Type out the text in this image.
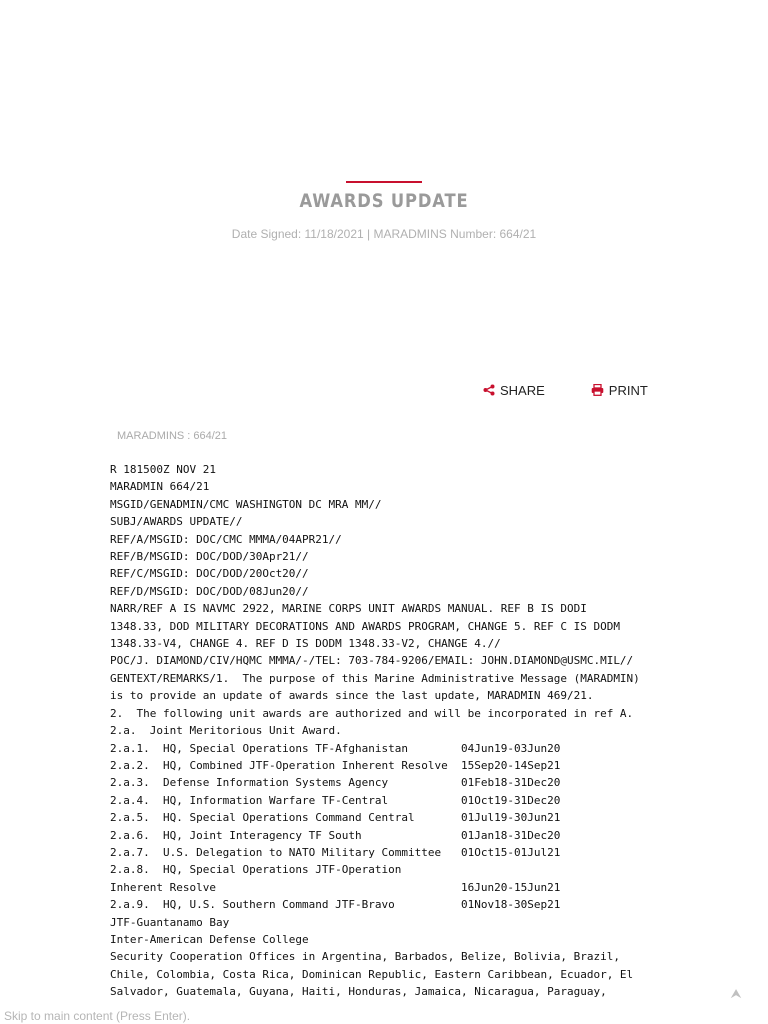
AWARDS UPDATE
Date Signed: 11/18/2021 | MARADMINS Number: 664/21
SHARE	PRINT
MARADMINS : 664/21
R 181500Z NOV 21
MARADMIN 664/21
MSGID/GENADMIN/CMC WASHINGTON DC MRA MM//
SUBJ/AWARDS UPDATE//
REF/A/MSGID: DOC/CMC MMMA/04APR21//
REF/B/MSGID: DOC/DOD/30Apr21//
REF/C/MSGID: DOC/DOD/20Oct20//
REF/D/MSGID: DOC/DOD/08Jun20//
NARR/REF A IS NAVMC 2922, MARINE CORPS UNIT AWARDS MANUAL. REF B IS DODI
1348.33, DOD MILITARY DECORATIONS AND AWARDS PROGRAM, CHANGE 5. REF C IS DODM
1348.33-V4, CHANGE 4. REF D IS DODM 1348.33-V2, CHANGE 4.//
POC/J. DIAMOND/CIV/HQMC MMMA/-/TEL: 703-784-9206/EMAIL: JOHN.DIAMOND@USMC.MIL//
GENTEXT/REMARKS/1.  The purpose of this Marine Administrative Message (MARADMIN)
is to provide an update of awards since the last update, MARADMIN 469/21.
2.  The following unit awards are authorized and will be incorporated in ref A.
2.a.  Joint Meritorious Unit Award.
2.a.1.  HQ, Special Operations TF-Afghanistan        04Jun19-03Jun20
2.a.2.  HQ, Combined JTF-Operation Inherent Resolve  15Sep20-14Sep21
2.a.3.  Defense Information Systems Agency           01Feb18-31Dec20
2.a.4.  HQ, Information Warfare TF-Central           01Oct19-31Dec20
2.a.5.  HQ. Special Operations Command Central       01Jul19-30Jun21
2.a.6.  HQ, Joint Interagency TF South               01Jan18-31Dec20
2.a.7.  U.S. Delegation to NATO Military Committee   01Oct15-01Jul21
2.a.8.  HQ, Special Operations JTF-Operation
Inherent Resolve                                     16Jun20-15Jun21
2.a.9.  HQ, U.S. Southern Command JTF-Bravo          01Nov18-30Sep21
JTF-Guantanamo Bay
Inter-American Defense College
Security Cooperation Offices in Argentina, Barbados, Belize, Bolivia, Brazil,
Chile, Colombia, Costa Rica, Dominican Republic, Eastern Caribbean, Ecuador, El
Salvador, Guatemala, Guyana, Haiti, Honduras, Jamaica, Nicaragua, Paraguay,
Skip to main content (Press Enter).
⮝
